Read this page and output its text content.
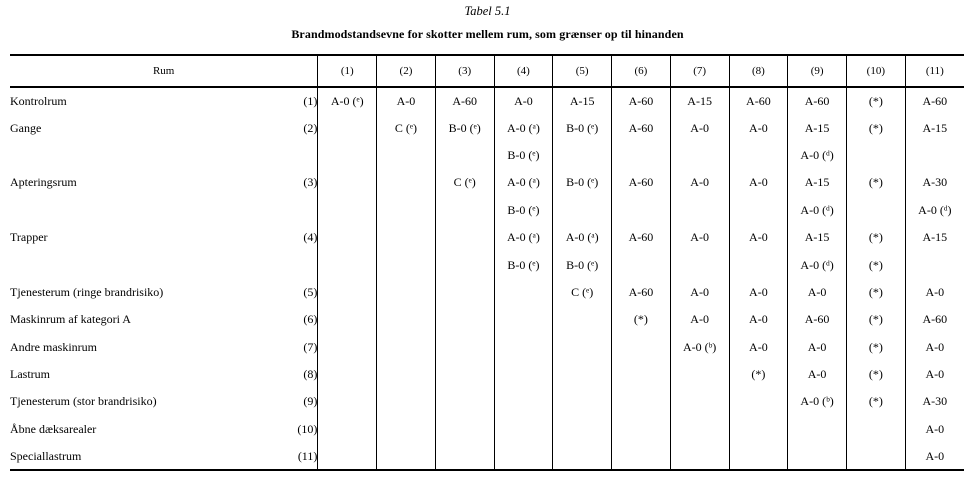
Tabel 5.1
Brandmodstandsevne for skotter mellem rum, som grænser op til hinanden
Rum		(1)	(2)	(3)	(4)	(5)	(6)	(7)	(8)	(9)	(10)	(11)
Kontrolrum	(1)	A-0 (ᵉ)	A-0	A-60	A-0	A-15	A-60	A-15	A-60	A-60	(*)	A-60
Gange	(2)		C (ᵉ)	B-0 (ᵉ)	A-0 (ᵃ)	B-0 (ᵉ)	A-60	A-0	A-0	A-15	(*)	A-15
					B-0 (ᵉ)					A-0 (ᵈ)		
Apteringsrum	(3)			C (ᵉ)	A-0 (ᵃ)	B-0 (ᵉ)	A-60	A-0	A-0	A-15	(*)	A-30
					B-0 (ᵉ)					A-0 (ᵈ)		A-0 (ᵈ)
Trapper	(4)				A-0 (ᵃ)	A-0 (ᵃ)	A-60	A-0	A-0	A-15	(*)	A-15
					B-0 (ᵉ)	B-0 (ᵉ)				A-0 (ᵈ)	(*)	
Tjenesterum (ringe brandrisiko)	(5)					C (ᵉ)	A-60	A-0	A-0	A-0	(*)	A-0
Maskinrum af kategori A	(6)						(*)	A-0	A-0	A-60	(*)	A-60
Andre maskinrum	(7)							A-0 (ᵇ)	A-0	A-0	(*)	A-0
Lastrum	(8)								(*)	A-0	(*)	A-0
Tjenesterum (stor brandrisiko)	(9)									A-0 (ᵇ)	(*)	A-30
Åbne dæksarealer	(10)											A-0
Speciallastrum	(11)											A-0
